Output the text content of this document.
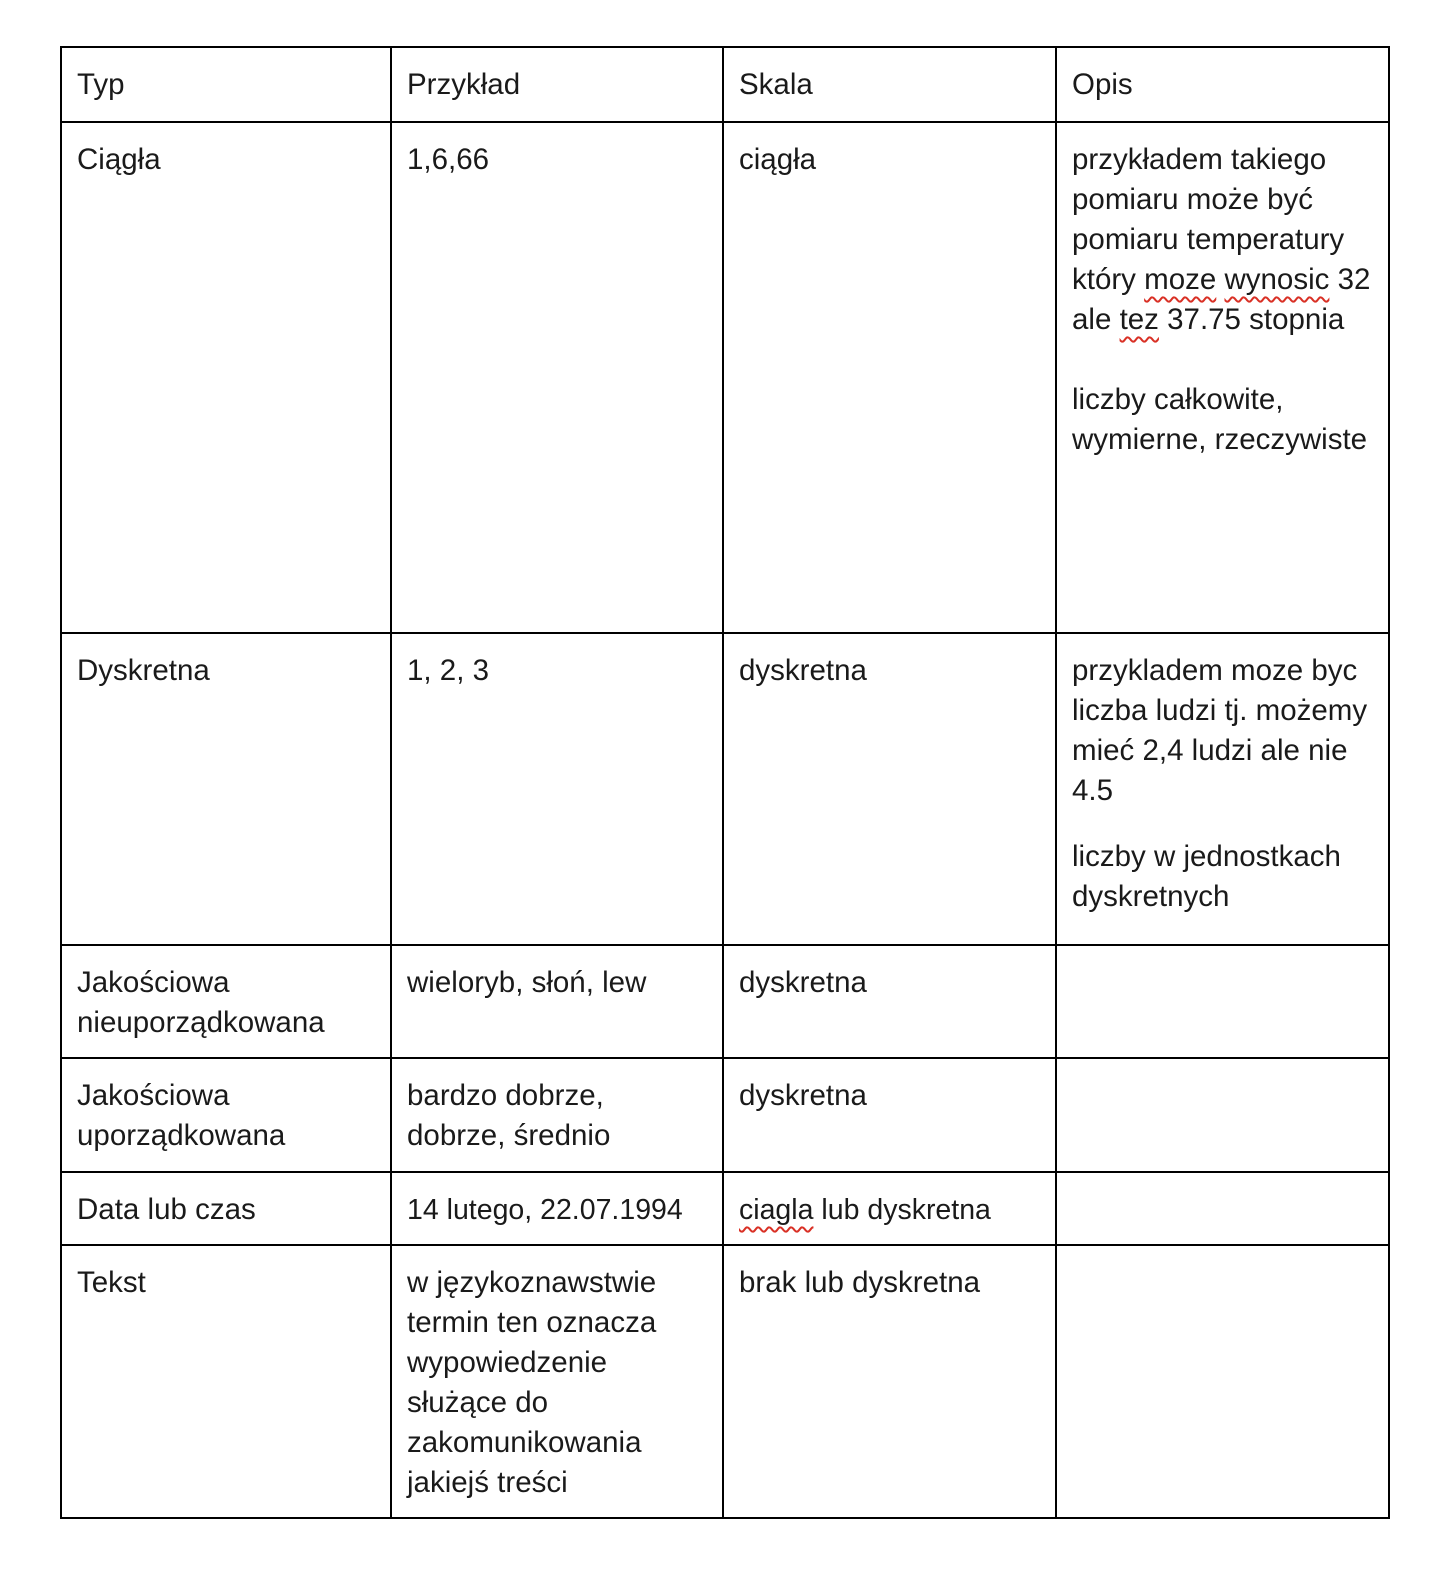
Typ	Przykład	Skala	Opis
Ciągła	1,6,66	ciągła	przykładem takiego pomiaru może być pomiaru temperatury który moze wynosic 32 ale tez 37.75 stopnia
liczby całkowite, wymierne, rzeczywiste

Dyskretna	1, 2, 3	dyskretna	przykladem moze byc liczba ludzi tj. możemy mieć 2,4 ludzi ale nie 4.5
liczby w jednostkach dyskretnych

Jakościowa nieuporządkowana	wieloryb, słoń, lew	dyskretna	
Jakościowa uporządkowana	bardzo dobrze, dobrze, średnio	dyskretna	
Data lub czas	14 lutego, 22.07.1994	ciagla lub dyskretna	
Tekst	w językoznawstwie termin ten oznacza wypowiedzenie służące do zakomunikowania jakiejś treści	brak lub dyskretna	
